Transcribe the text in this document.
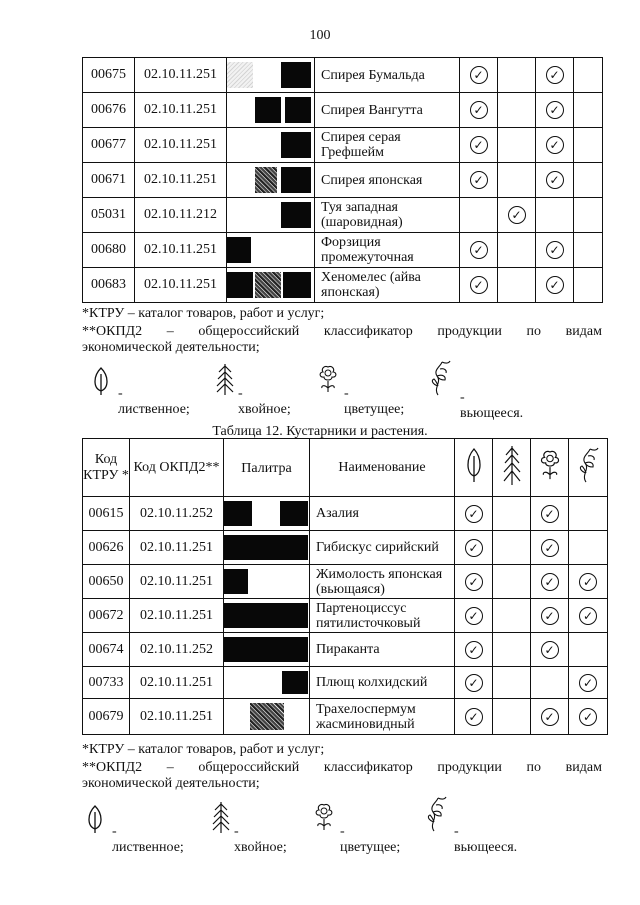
100
00675	02.10.11.251		Спирея Бумальда	✓		✓	
00676	02.10.11.251		Спирея Вангутта	✓		✓	
00677	02.10.11.251		Спирея серая Грефшейм	✓		✓	
00671	02.10.11.251		Спирея японская	✓		✓	
05031	02.10.11.212		Туя западная (шаровидная)		✓		
00680	02.10.11.251		Форзиция промежуточная	✓		✓	
00683	02.10.11.251		Хеномелес (айва японская)	✓		✓	
*КТРУ – каталог товаров, работ и услуг;
**ОКПД2 – общероссийский классификатор продукции по видам
экономической деятельности;
- лиственное;
- хвойное;
- цветущее;
- вьющееся.
Таблица 12. Кустарники и растения.
Код КТРУ *	Код ОКПД2**	Палитра	Наименование				
00615	02.10.11.252		Азалия	✓		✓	
00626	02.10.11.251		Гибискус сирийский	✓		✓	
00650	02.10.11.251		Жимолость японская (вьющаяся)	✓		✓	✓
00672	02.10.11.251		Партеноциссус пятилисточковый	✓		✓	✓
00674	02.10.11.252		Пираканта	✓		✓	
00733	02.10.11.251		Плющ колхидский	✓			✓
00679	02.10.11.251		Трахелоспермум жасминовидный	✓		✓	✓
*КТРУ – каталог товаров, работ и услуг;
**ОКПД2 – общероссийский классификатор продукции по видам
экономической деятельности;
- лиственное;
- хвойное;
- цветущее;
- вьющееся.
